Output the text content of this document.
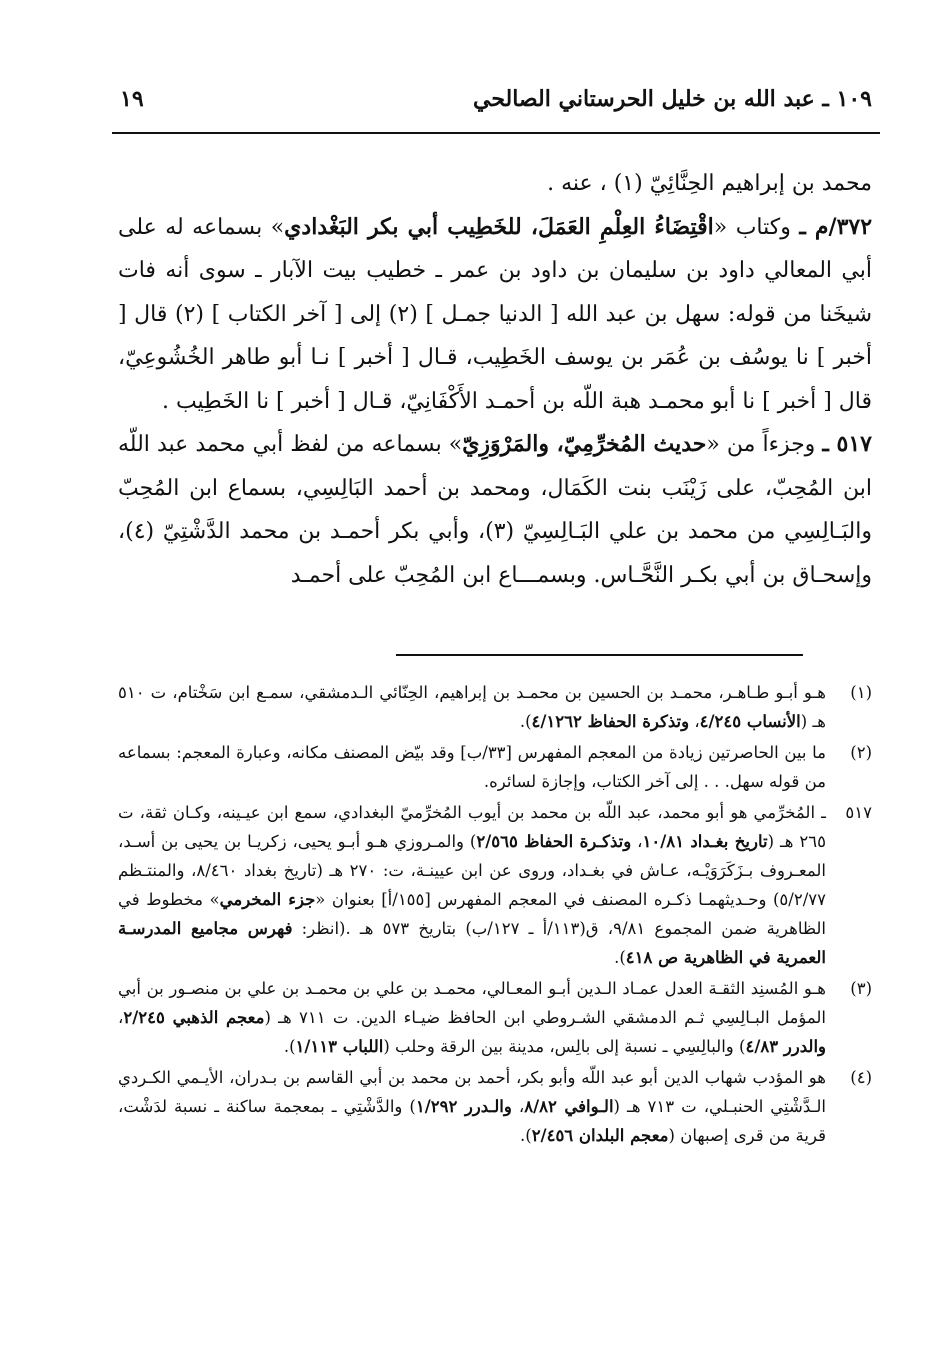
١٠٩ ـ عبد الله بن خليل الحرستاني الصالحي
١٩

محمد بن إبراهيم الحِنَّائِيّ (١) ، عنه .

٣٧٢/م ـ وكتاب «اقْتِضَاءُ العِلْمِ العَمَلَ، للخَطِيب أبي بكر البَغْدادي» بسماعه له على أبي المعالي داود بن سليمان بن داود بن عمر ـ خطيب بيت الآبار ـ سوى أنه فات شيخَنا من قوله: سهل بن عبد الله [ الدنيا جمـل ] (٢) إلى [ آخر الكتاب ] (٢) قال [ أخبر ] نا يوسُف بن عُمَر بن يوسف الخَطِيب، قـال [ أخبر ] نـا أبو طاهر الخُشُوعِيّ، قال [ أخبر ] نا أبو محمـد هبة اللّه بن أحمـد الأَكْفَانِيّ، قـال [ أخبر ] نا الخَطِيب .

٥١٧ ـ وجزءاً من «حديث المُخرِّمِيّ، والمَرْوَزِيّ» بسماعه من لفظ أبي محمد عبد اللّه ابن المُحِبّ، على زَيْنَب بنت الكَمَال، ومحمد بن أحمد البَالِسِي، بسماع ابن المُحِبّ والبَـالِسِي من محمد بن علي البَـالِسِيّ (٣)، وأبي بكر أحمـد بن محمد الدَّشْتِيّ (٤)، وإسحـاق بن أبي بكـر النَّحَّـاس. وبسمـــاع ابن المُحِبّ على أحمـد

(١)
هـو أبـو طـاهـر، محمـد بن الحسين بن محمـد بن إبراهيم، الحِنّائي الـدمشقي، سمـع ابن سَخْتام، ت ٥١٠ هـ (الأنساب ٤/٢٤٥، وتذكرة الحفاظ ٤/١٢٦٢).
(٢)
ما بين الحاصرتين زيادة من المعجم المفهرس [٣٣/ب] وقد بيّض المصنف مكانه، وعبارة المعجم: بسماعه من قوله سهل. . . إلى آخر الكتاب، وإجازة لسائره.
٥١٧
ـ المُخرِّمي هو أبو محمد، عبد اللّه بن محمد بن أيوب المُخرِّميّ البغدادي، سمع ابن عيـينه، وكـان ثقة، ت ٢٦٥ هـ (تاريخ بغـداد ١٠/٨١، وتذكـرة الحفاظ ٢/٥٦٥) والمـروزي هـو أبـو يحيى، زكريـا بن يحيى بن أسـد، المعـروف بـزَكَرَوَيْـه، عـاش في بغـداد، وروى عن ابن عيينـة، ت: ٢٧٠ هـ (تاريخ بغداد ٨/٤٦٠، والمنتـظم ٥/٢/٧٧) وحـديثهمـا ذكـره المصنف في المعجم المفهرس [١٥٥/أ] بعنوان «جزء المخرمي» مخطوط في الظاهرية ضمن المجموع ٩/٨١، ق(١١٣/أ ـ ١٢٧/ب) بتاريخ ٥٧٣ هـ .(انظر: فهرس مجاميع المدرسـة العمرية في الظاهرية ص ٤١٨).
(٣)
هـو المُسنِد الثقـة العدل عمـاد الـدين أبـو المعـالي، محمـد بن علي بن محمـد بن علي بن منصـور بن أبي المؤمل البـالِسِي ثـم الدمشقي الشـروطي ابن الحافظ ضيـاء الدين. ت ٧١١ هـ (معجم الذهبي ٢/٢٤٥، والدرر ٤/٨٣) والبالِسِي ـ نسبة إلى بالِس، مدينة بين الرقة وحلب (اللباب ١/١١٣).
(٤)
هو المؤدب شهاب الدين أبو عبد اللّه وأبو بكر، أحمد بن محمد بن أبي القاسم بن بـدران، الأيـمي الكـردي الـدَّشْتِي الحنبـلي، ت ٧١٣ هـ (الـوافي ٨/٨٢، والـدرر ١/٢٩٢) والدَّشْتِي ـ بمعجمة ساكنة ـ نسبة لدَشْت، قرية من قرى إصبهان (معجم البلدان ٢/٤٥٦).
